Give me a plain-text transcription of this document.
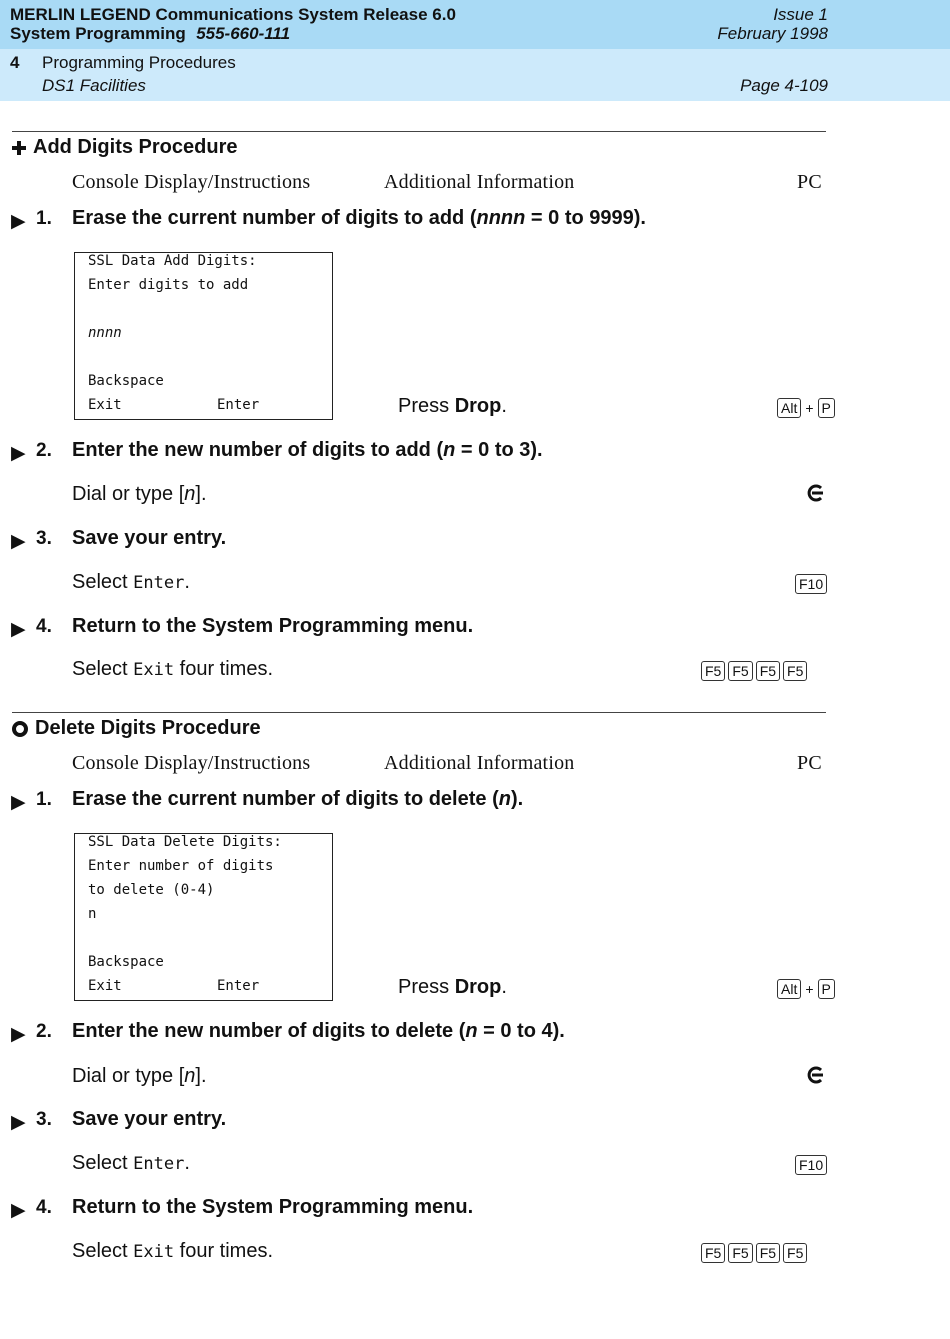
MERLIN LEGEND Communications System Release 6.0
System Programming 555-660-111
Issue 1
February 1998
4 Programming Procedures
DS1 Facilities	Page 4-109
Add Digits Procedure
Console Display/Instructions	Additional Information	PC
▶ 1. Erase the current number of digits to add (nnnn = 0 to 9999).
SSL Data Add Digits:
Enter digits to add
nnnn
Backspace
Exit	Enter	Press Drop.	Alt + P
▶ 2. Enter the new number of digits to add (n = 0 to 3).
Dial or type [n].
▶ 3. Save your entry.
Select Enter.	F10
▶ 4. Return to the System Programming menu.
Select Exit four times.	F5 F5 F5 F5
Delete Digits Procedure
Console Display/Instructions	Additional Information	PC
▶ 1. Erase the current number of digits to delete (n).
SSL Data Delete Digits:
Enter number of digits
to delete (0-4)
n
Backspace
Exit	Enter	Press Drop.	Alt + P
▶ 2. Enter the new number of digits to delete (n = 0 to 4).
Dial or type [n].
▶ 3. Save your entry.
Select Enter.	F10
▶ 4. Return to the System Programming menu.
Select Exit four times.	F5 F5 F5 F5
